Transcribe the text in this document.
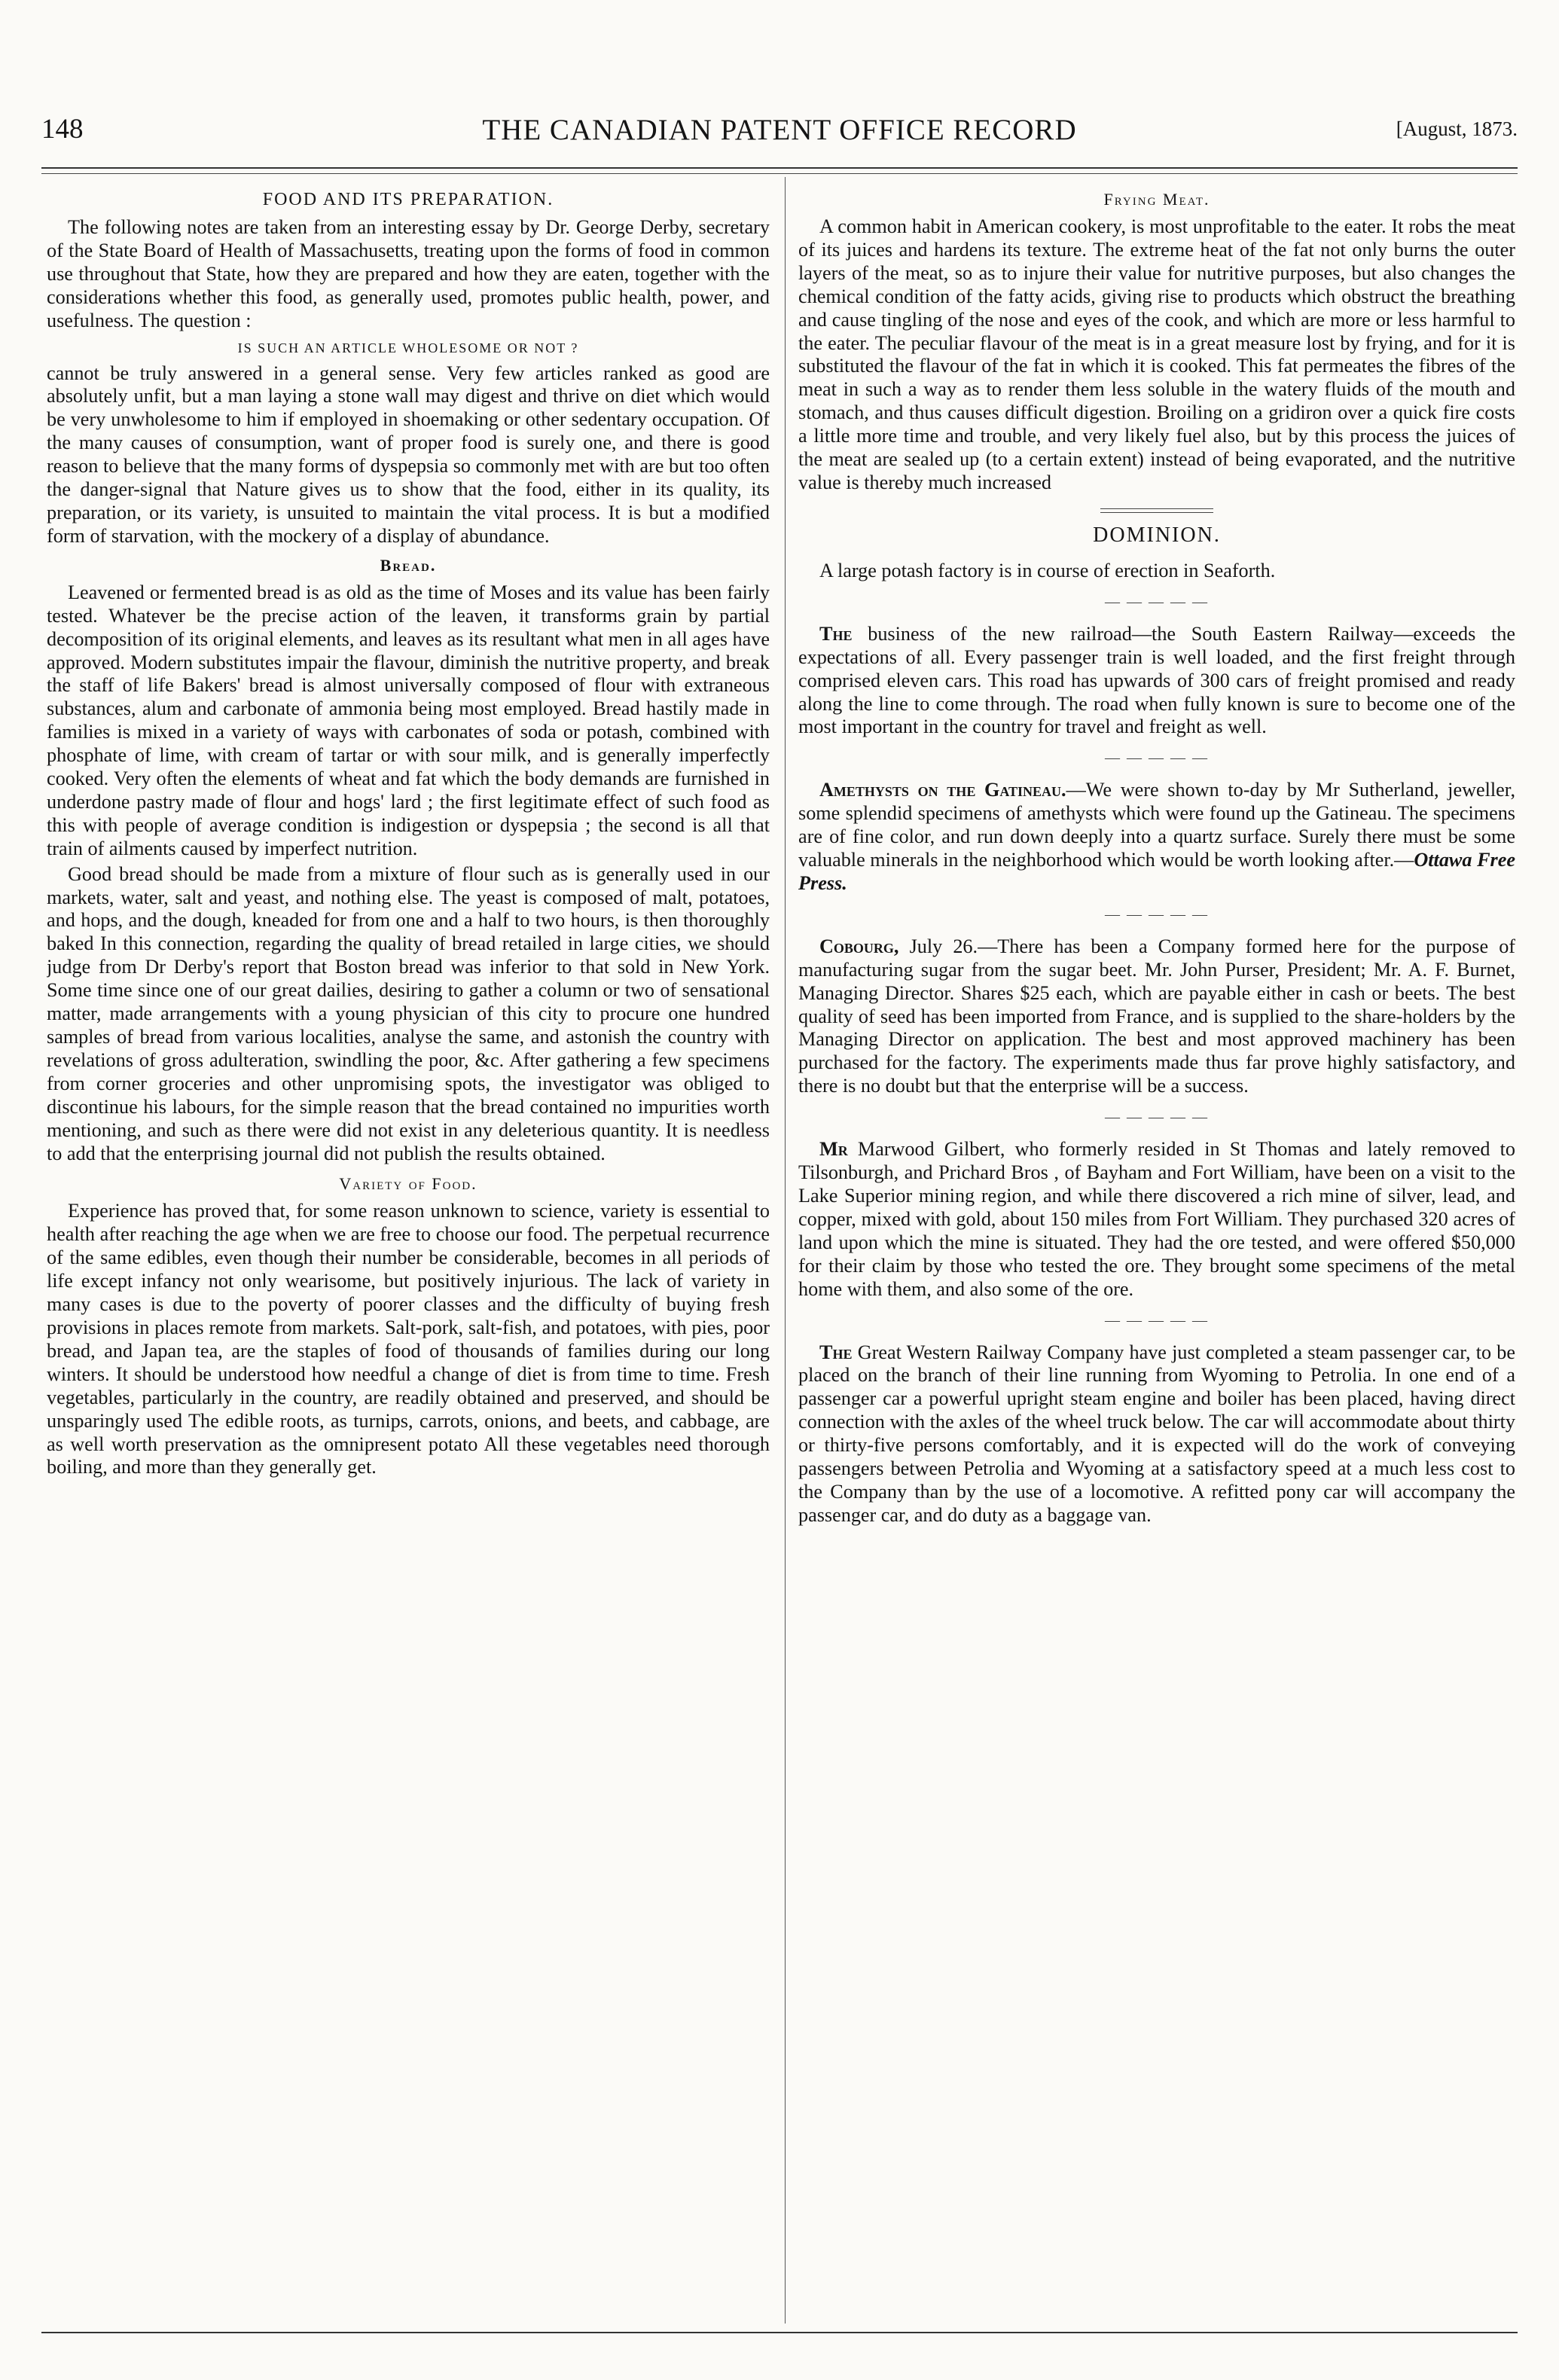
148	THE CANADIAN PATENT OFFICE RECORD	[August, 1873.
FOOD AND ITS PREPARATION.

The following notes are taken from an interesting essay by Dr. George Derby, secretary of the State Board of Health of Massachusetts, treating upon the forms of food in common use throughout that State, how they are prepared and how they are eaten, together with the considerations whether this food, as generally used, promotes public health, power, and usefulness. The question :

IS SUCH AN ARTICLE WHOLESOME OR NOT ?

cannot be truly answered in a general sense. Very few articles ranked as good are absolutely unfit, but a man laying a stone wall may digest and thrive on diet which would be very unwholesome to him if employed in shoemaking or other sedentary occupation. Of the many causes of consumption, want of proper food is surely one, and there is good reason to believe that the many forms of dyspepsia so commonly met with are but too often the danger-signal that Nature gives us to show that the food, either in its quality, its preparation, or its variety, is unsuited to maintain the vital process. It is but a modified form of starvation, with the mockery of a display of abundance.

Bread.

Leavened or fermented bread is as old as the time of Moses and its value has been fairly tested. Whatever be the precise action of the leaven, it transforms grain by partial decomposition of its original elements, and leaves as its resultant what men in all ages have approved. Modern substitutes impair the flavour, diminish the nutritive property, and break the staff of life Bakers' bread is almost universally composed of flour with extraneous substances, alum and carbonate of ammonia being most employed. Bread hastily made in families is mixed in a variety of ways with carbonates of soda or potash, combined with phosphate of lime, with cream of tartar or with sour milk, and is generally imperfectly cooked. Very often the elements of wheat and fat which the body demands are furnished in underdone pastry made of flour and hogs' lard ; the first legitimate effect of such food as this with people of average condition is indigestion or dyspepsia ; the second is all that train of ailments caused by imperfect nutrition.

Good bread should be made from a mixture of flour such as is generally used in our markets, water, salt and yeast, and nothing else. The yeast is composed of malt, potatoes, and hops, and the dough, kneaded for from one and a half to two hours, is then thoroughly baked In this connection, regarding the quality of bread retailed in large cities, we should judge from Dr Derby's report that Boston bread was inferior to that sold in New York. Some time since one of our great dailies, desiring to gather a column or two of sensational matter, made arrangements with a young physician of this city to procure one hundred samples of bread from various localities, analyse the same, and astonish the country with revelations of gross adulteration, swindling the poor, &c. After gathering a few specimens from corner groceries and other unpromising spots, the investigator was obliged to discontinue his labours, for the simple reason that the bread contained no impurities worth mentioning, and such as there were did not exist in any deleterious quantity. It is needless to add that the enterprising journal did not publish the results obtained.

Variety of Food.

Experience has proved that, for some reason unknown to science, variety is essential to health after reaching the age when we are free to choose our food. The perpetual recurrence of the same edibles, even though their number be considerable, becomes in all periods of life except infancy not only wearisome, but positively injurious. The lack of variety in many cases is due to the poverty of poorer classes and the difficulty of buying fresh provisions in places remote from markets. Salt-pork, salt-fish, and potatoes, with pies, poor bread, and Japan tea, are the staples of food of thousands of families during our long winters. It should be understood how needful a change of diet is from time to time. Fresh vegetables, particularly in the country, are readily obtained and preserved, and should be unsparingly used The edible roots, as turnips, carrots, onions, and beets, and cabbage, are as well worth preservation as the omnipresent potato All these vegetables need thorough boiling, and more than they generally get.

Frying Meat.

A common habit in American cookery, is most unprofitable to the eater. It robs the meat of its juices and hardens its texture. The extreme heat of the fat not only burns the outer layers of the meat, so as to injure their value for nutritive purposes, but also changes the chemical condition of the fatty acids, giving rise to products which obstruct the breathing and cause tingling of the nose and eyes of the cook, and which are more or less harmful to the eater. The peculiar flavour of the meat is in a great measure lost by frying, and for it is substituted the flavour of the fat in which it is cooked. This fat permeates the fibres of the meat in such a way as to render them less soluble in the watery fluids of the mouth and stomach, and thus causes difficult digestion. Broiling on a gridiron over a quick fire costs a little more time and trouble, and very likely fuel also, but by this process the juices of the meat are sealed up (to a certain extent) instead of being evaporated, and the nutritive value is thereby much increased

DOMINION.

A large potash factory is in course of erection in Seaforth.

— — — — —

The business of the new railroad—the South Eastern Railway—exceeds the expectations of all. Every passenger train is well loaded, and the first freight through comprised eleven cars. This road has upwards of 300 cars of freight promised and ready along the line to come through. The road when fully known is sure to become one of the most important in the country for travel and freight as well.

— — — — —

Amethysts on the Gatineau.—We were shown to-day by Mr Sutherland, jeweller, some splendid specimens of amethysts which were found up the Gatineau. The specimens are of fine color, and run down deeply into a quartz surface. Surely there must be some valuable minerals in the neighborhood which would be worth looking after.—Ottawa Free Press.

— — — — —

Cobourg, July 26.—There has been a Company formed here for the purpose of manufacturing sugar from the sugar beet. Mr. John Purser, President; Mr. A. F. Burnet, Managing Director. Shares $25 each, which are payable either in cash or beets. The best quality of seed has been imported from France, and is supplied to the share-holders by the Managing Director on application. The best and most approved machinery has been purchased for the factory. The experiments made thus far prove highly satisfactory, and there is no doubt but that the enterprise will be a success.

— — — — —

Mr Marwood Gilbert, who formerly resided in St Thomas and lately removed to Tilsonburgh, and Prichard Bros , of Bayham and Fort William, have been on a visit to the Lake Superior mining region, and while there discovered a rich mine of silver, lead, and copper, mixed with gold, about 150 miles from Fort William. They purchased 320 acres of land upon which the mine is situated. They had the ore tested, and were offered $50,000 for their claim by those who tested the ore. They brought some specimens of the metal home with them, and also some of the ore.

— — — — —

The Great Western Railway Company have just completed a steam passenger car, to be placed on the branch of their line running from Wyoming to Petrolia. In one end of a passenger car a powerful upright steam engine and boiler has been placed, having direct connection with the axles of the wheel truck below. The car will accommodate about thirty or thirty-five persons comfortably, and it is expected will do the work of conveying passengers between Petrolia and Wyoming at a satisfactory speed at a much less cost to the Company than by the use of a locomotive. A refitted pony car will accompany the passenger car, and do duty as a baggage van.
